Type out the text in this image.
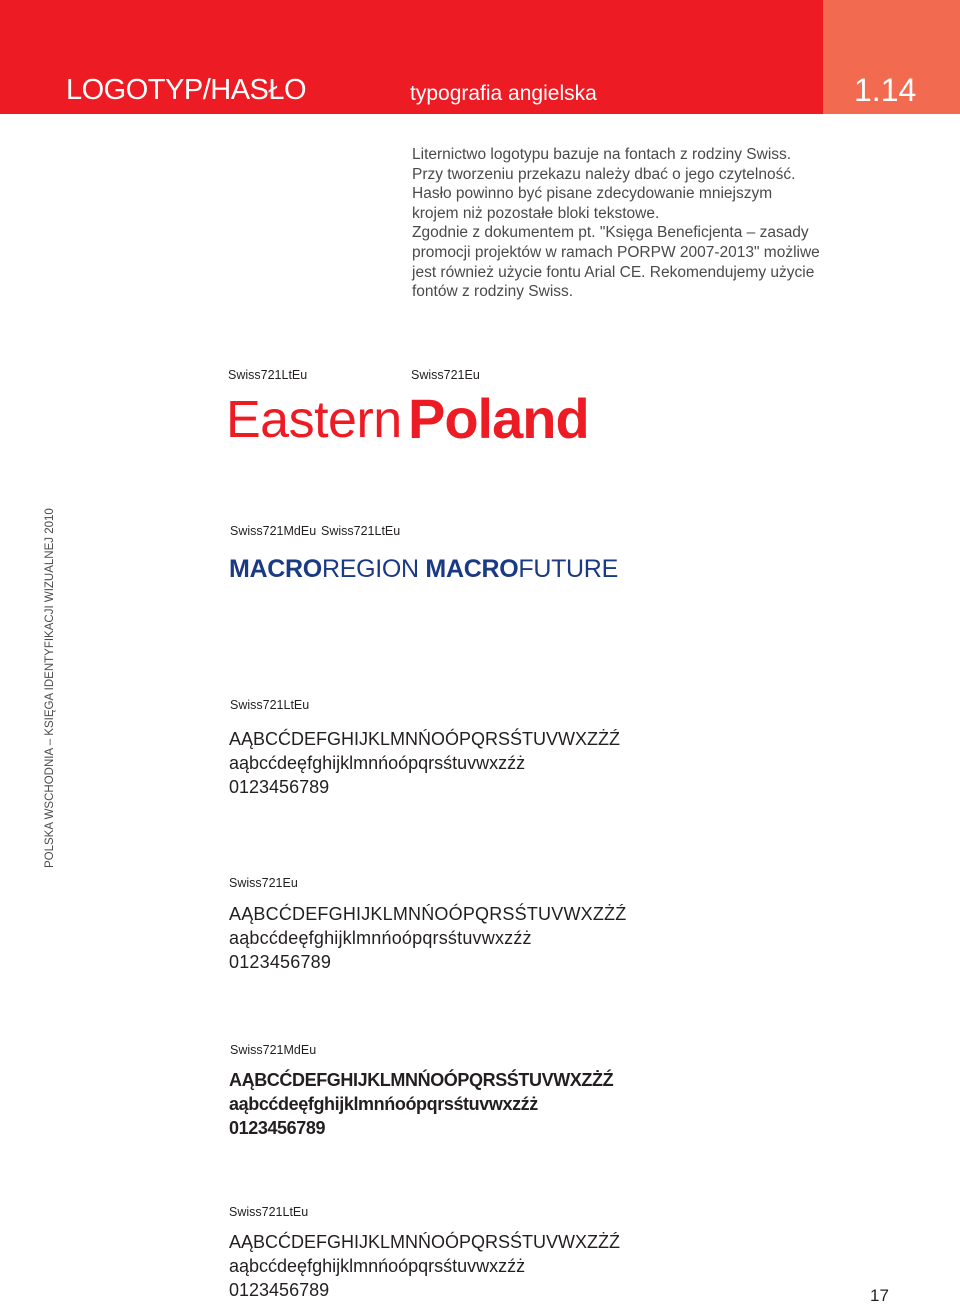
LOGOTYP/HASŁO	typografia angielska	1.14

Liternictwo logotypu bazuje na fontach z rodziny Swiss.
Przy tworzeniu przekazu należy dbać o jego czytelność.
Hasło powinno być pisane zdecydowanie mniejszym
krojem niż pozostałe bloki tekstowe.

Zgodnie z dokumentem pt. "Księga Beneficjenta – zasady
promocji projektów w ramach PORPW 2007-2013" możliwe
jest również użycie fontu Arial CE. Rekomendujemy użycie
fontów z rodziny Swiss.

Swiss721LtEu	Swiss721Eu
Eastern Poland
POLSKA WSCHODNIA – KSIĘGA IDENTYFIKACJI WIZUALNEJ 2010	Swiss721MdEu Swiss721LtEu
MACROREGION MACROFUTURE
Swiss721LtEu
AĄBCĆDEFGHIJKLMNŃOÓPQRSŚTUVWXZŻŹ
aąbcćdeęfghijklmnńoópqrsśtuvwxzźż
0123456789
Swiss721Eu
AĄBCĆDEFGHIJKLMNŃOÓPQRSŚTUVWXZŻŹ
aąbcćdeęfghijklmnńoópqrsśtuvwxzźż
0123456789
Swiss721MdEu
AĄBCĆDEFGHIJKLMNŃOÓPQRSŚTUVWXZŻŹ
aąbcćdeęfghijklmnńoópqrsśtuvwxzźż
0123456789
Swiss721LtEu
AĄBCĆDEFGHIJKLMNŃOÓPQRSŚTUVWXZŻŹ
aąbcćdeęfghijklmnńoópqrsśtuvwxzźż
0123456789	17
